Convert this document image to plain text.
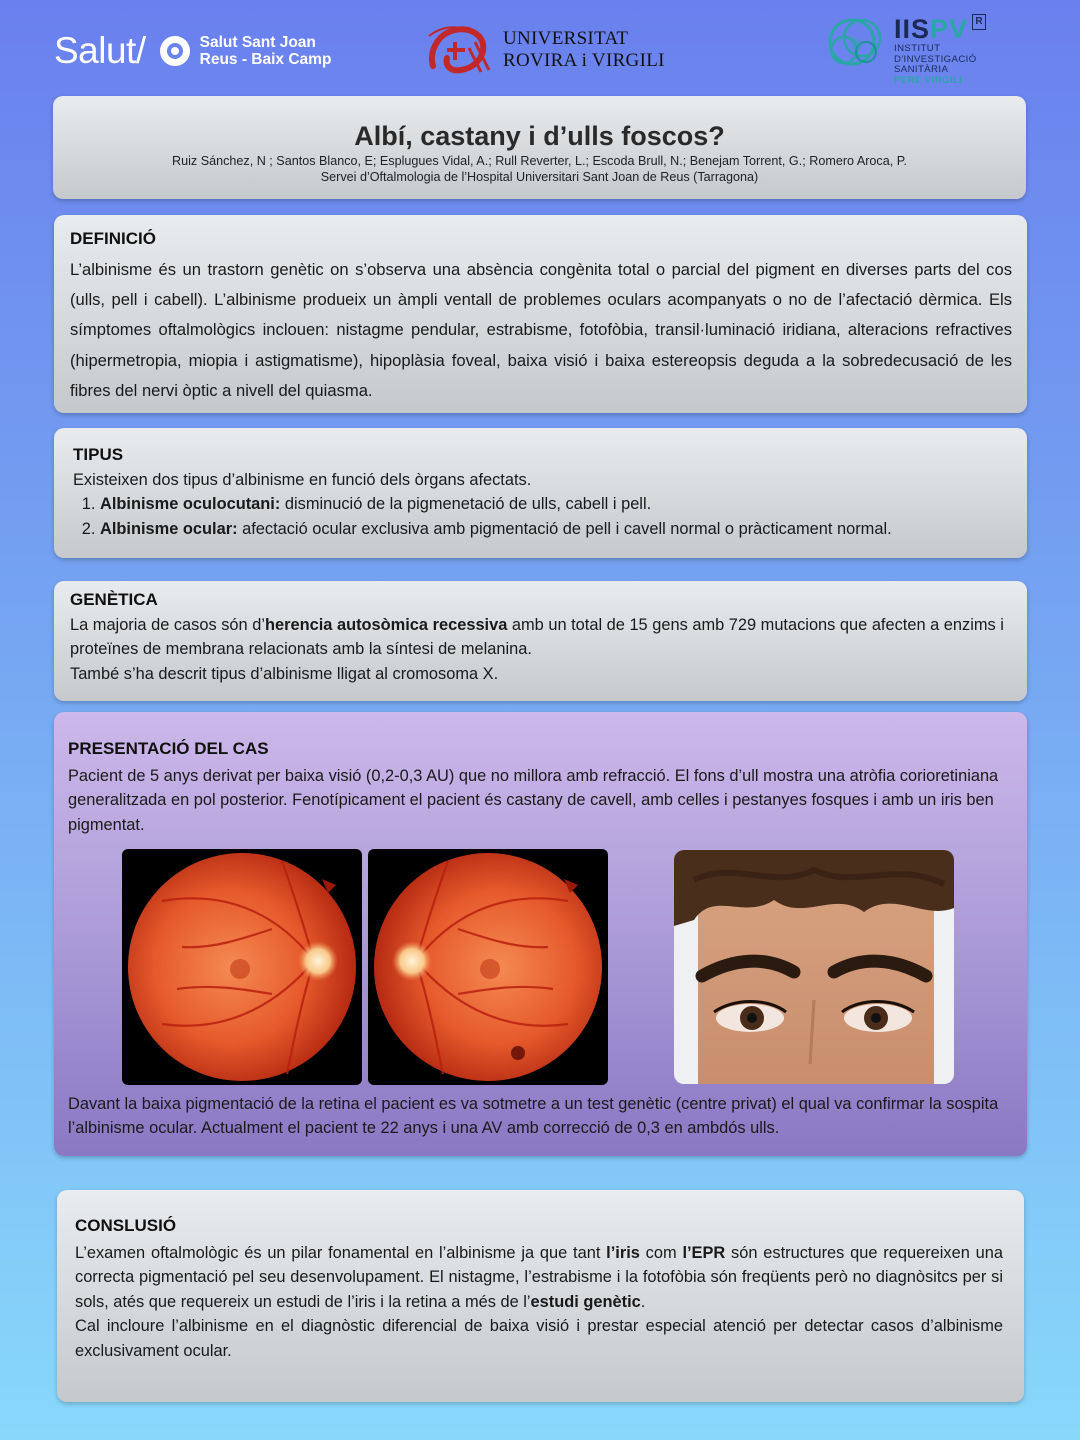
Salut/	Salut Sant Joan
Reus - Baix Camp
UNIVERSITAT
ROVIRA i VIRGILI
IISPV R
INSTITUT
D'INVESTIGACIÓ
SANITÀRIA
PERE VIRGILI
Albí, castany i d’ulls foscos?
Ruiz Sánchez, N ; Santos Blanco, E; Esplugues Vidal, A.; Rull Reverter, L.; Escoda Brull, N.; Benejam Torrent, G.; Romero Aroca, P.
Servei d’Oftalmologia de l’Hospital Universitari Sant Joan de Reus (Tarragona)
DEFINICIÓ

L’albinisme és un trastorn genètic on s’observa una absència congènita total o parcial del pigment en diverses parts del cos (ulls, pell i cabell). L’albinisme produeix un àmpli ventall de problemes oculars acompanyats o no de l’afectació dèrmica. Els símptomes oftalmològics inclouen: nistagme pendular, estrabisme, fotofòbia, transil·luminació iridiana, alteracions refractives (hipermetropia, miopia i astigmatisme), hipoplàsia foveal, baixa visió i baixa estereopsis deguda a la sobredecusació de les fibres del nervi òptic a nivell del quiasma.

TIPUS

Existeixen dos tipus d’albinisme en funció dels òrgans afectats.

1. Albinisme oculocutani: disminució de la pigmenetació de ulls, cabell i pell.
2. Albinisme ocular: afectació ocular exclusiva amb pigmentació de pell i cavell normal o pràcticament normal.
GENÈTICA

La majoria de casos són d’herencia autosòmica recessiva amb un total de 15 gens amb 729 mutacions que afecten a enzims i proteïnes de membrana relacionats amb la síntesi de melanina.

També s’ha descrit tipus d’albinisme lligat al cromosoma X.

PRESENTACIÓ DEL CAS

Pacient de 5 anys derivat per baixa visió (0,2-0,3 AU) que no millora amb refracció. El fons d’ull mostra una atròfia corioretiniana generalitzada en pol posterior. Fenotípicament el pacient és castany de cavell, amb celles i pestanyes fosques i amb un iris ben pigmentat.

Davant la baixa pigmentació de la retina el pacient es va sotmetre a un test genètic (centre privat) el qual va confirmar la sospita l’albinisme ocular. Actualment el pacient te 22 anys i una AV amb correcció de 0,3 en ambdós ulls.

CONSLUSIÓ

L’examen oftalmològic és un pilar fonamental en l’albinisme ja que tant l’iris com l’EPR són estructures que requereixen una correcta pigmentació pel seu desenvolupament. El nistagme, l’estrabisme i la fotofòbia són freqüents però no diagnòsitcs per si sols, atés que requereix un estudi de l’iris i la retina a més de l’estudi genètic.

Cal incloure l’albinisme en el diagnòstic diferencial de baixa visió i prestar especial atenció per detectar casos d’albinisme exclusivament ocular.
